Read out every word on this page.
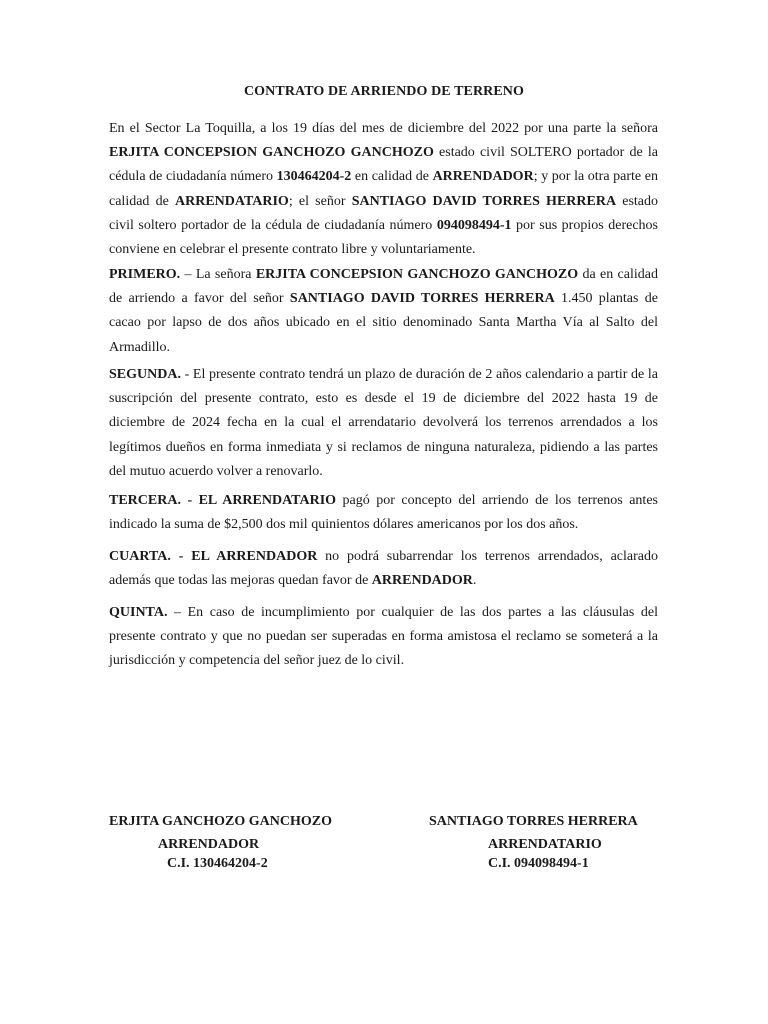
CONTRATO DE ARRIENDO DE TERRENO

En el Sector La Toquilla, a los 19 días del mes de diciembre del 2022 por una parte la señora ERJITA CONCEPSION GANCHOZO GANCHOZO estado civil SOLTERO portador de la cédula de ciudadanía número 130464204-2 en calidad de ARRENDADOR; y por la otra parte en calidad de ARRENDATARIO; el señor SANTIAGO DAVID TORRES HERRERA estado civil soltero portador de la cédula de ciudadanía número 094098494-1 por sus propios derechos conviene en celebrar el presente contrato libre y voluntariamente.

PRIMERO. – La señora ERJITA CONCEPSION GANCHOZO GANCHOZO da en calidad de arriendo a favor del señor SANTIAGO DAVID TORRES HERRERA 1.450 plantas de cacao por lapso de dos años ubicado en el sitio denominado Santa Martha Vía al Salto del Armadillo.

SEGUNDA. - El presente contrato tendrá un plazo de duración de 2 años calendario a partir de la suscripción del presente contrato, esto es desde el 19 de diciembre del 2022 hasta 19 de diciembre de 2024 fecha en la cual el arrendatario devolverá los terrenos arrendados a los legítimos dueños en forma inmediata y si reclamos de ninguna naturaleza, pidiendo a las partes del mutuo acuerdo volver a renovarlo.

TERCERA. - EL ARRENDATARIO pagó por concepto del arriendo de los terrenos antes indicado la suma de $2,500 dos mil quinientos dólares americanos por los dos años.

CUARTA. - EL ARRENDADOR no podrá subarrendar los terrenos arrendados, aclarado además que todas las mejoras quedan favor de ARRENDADOR.

QUINTA. – En caso de incumplimiento por cualquier de las dos partes a las cláusulas del presente contrato y que no puedan ser superadas en forma amistosa el reclamo se someterá a la jurisdicción y competencia del señor juez de lo civil.

ERJITA GANCHOZO GANCHOZO
ARRENDADOR
C.I. 130464204-2
SANTIAGO TORRES HERRERA
ARRENDATARIO
C.I. 094098494-1
